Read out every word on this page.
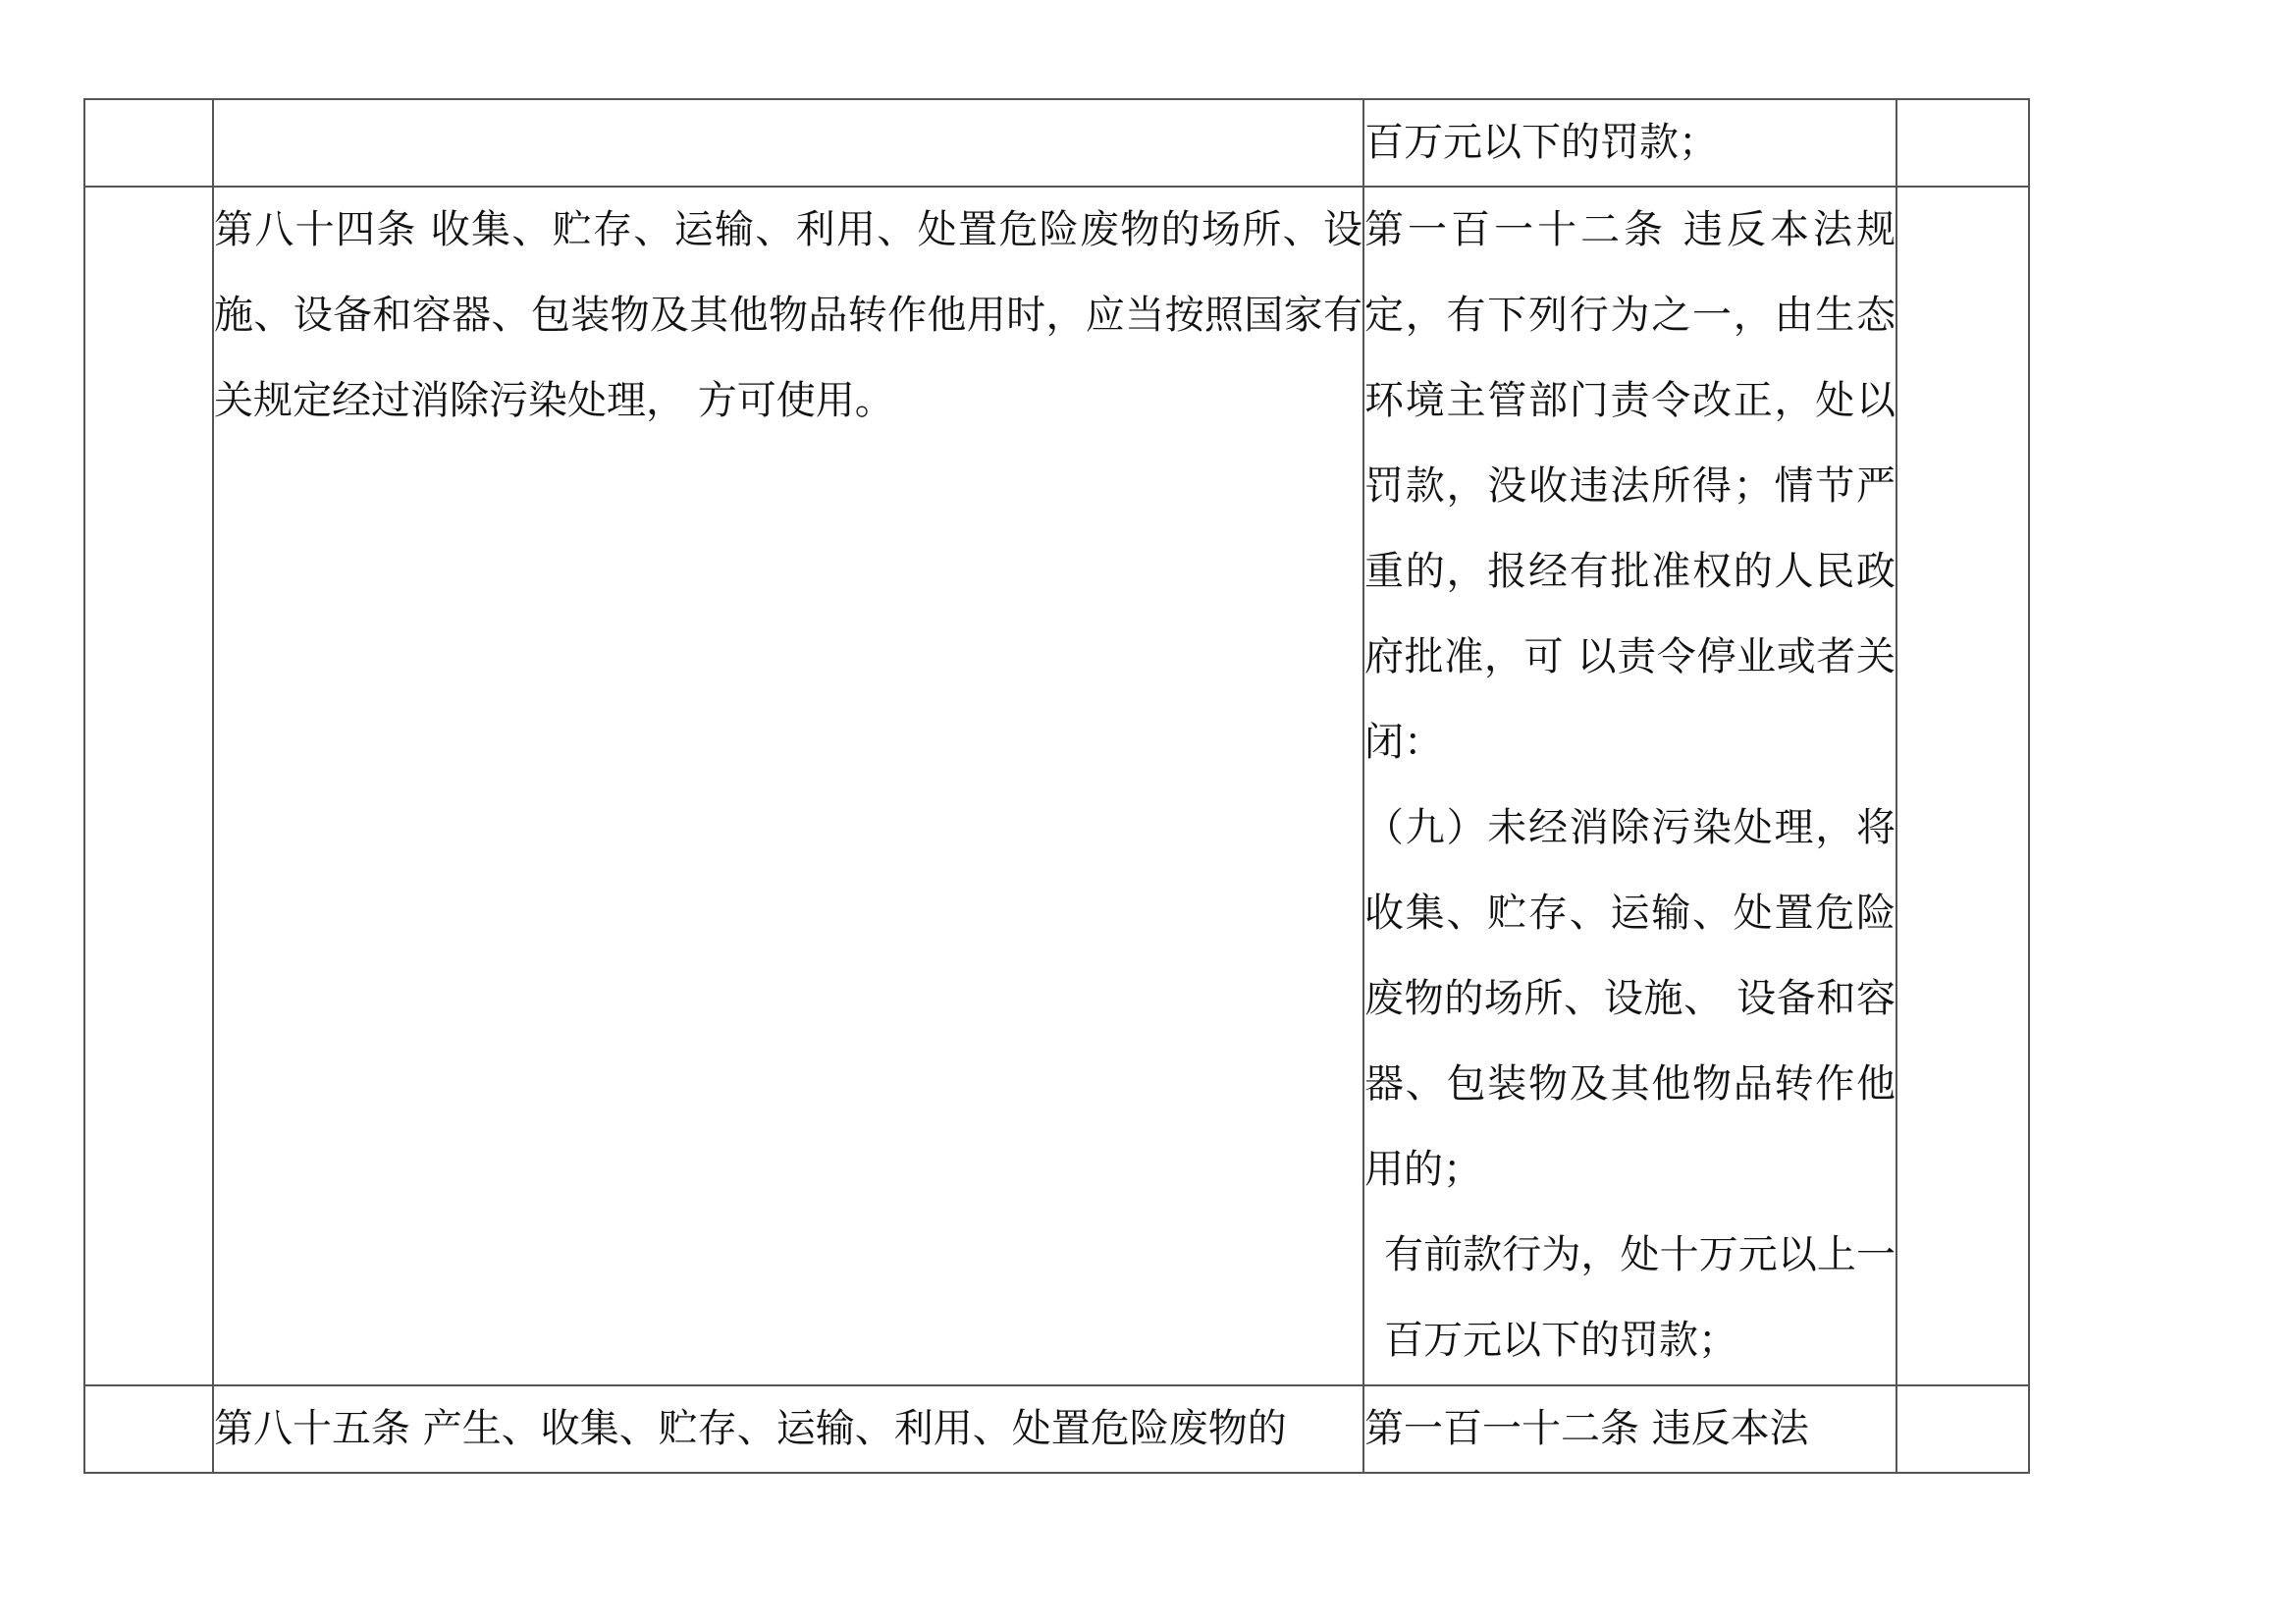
		百万元以下的罚款；	

	第八十四条 收集、贮存、运输、利用、处置危险废物的场所、设施、设备和容器、包装物及其他物品转作他用时，应当按照国家有关规定经过消除污染处理， 方可使用。	第一百一十二条 违反本法规定，有下列行为之一，由生态环境主管部门责令改正，处以罚款，没收违法所得；情节严重的，报经有批准权的人民政府批准，可 以责令停业或者关闭：
（九）未经消除污染处理，将收集、贮存、运输、处置危险废物的场所、设施、 设备和容器、包装物及其他物品转作他用的；
有前款行为，处十万元以上一百万元以下的罚款；	

	第八十五条 产生、收集、贮存、运输、利用、处置危险废物的	第一百一十二条 违反本法	
